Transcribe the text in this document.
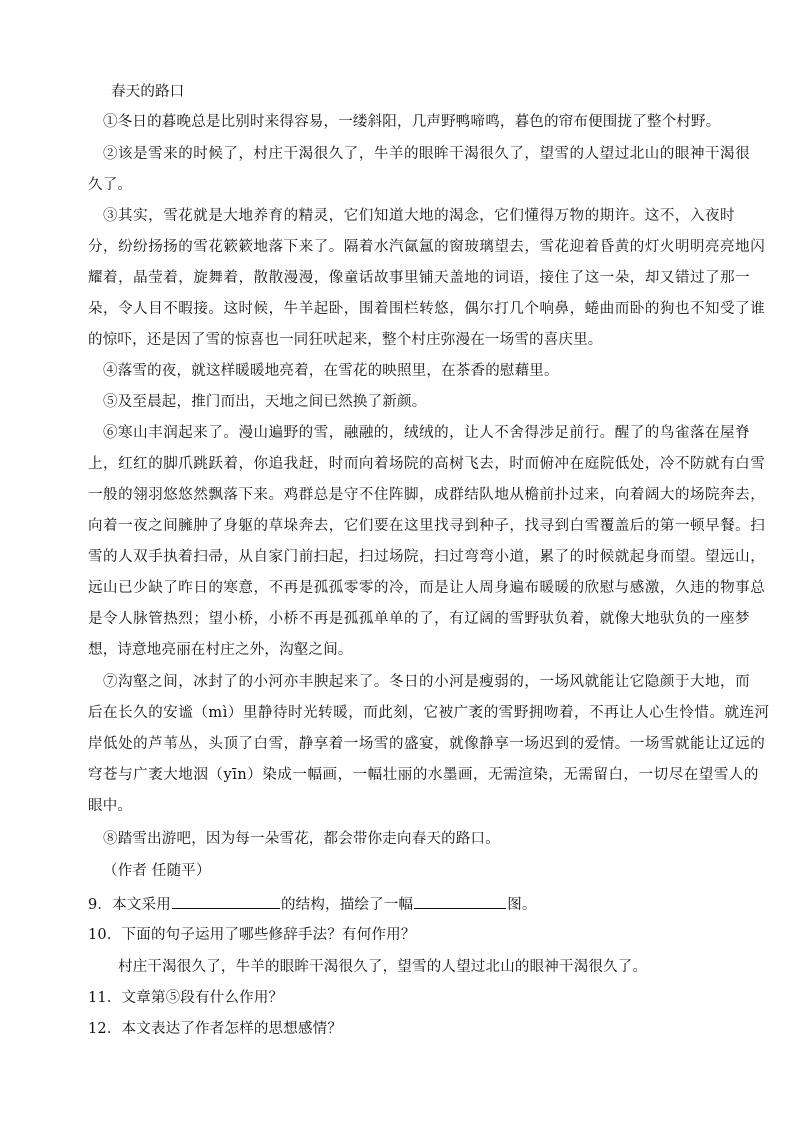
春天的路口
①冬日的暮晚总是比别时来得容易，一缕斜阳，几声野鸭啼鸣，暮色的帘布便围拢了整个村野。
②该是雪来的时候了，村庄干渴很久了，牛羊的眼眸干渴很久了，望雪的人望过北山的眼神干渴很
久了。
③其实，雪花就是大地养育的精灵，它们知道大地的渴念，它们懂得万物的期许。这不，入夜时
分，纷纷扬扬的雪花簌簌地落下来了。隔着水汽氤氲的窗玻璃望去，雪花迎着昏黄的灯火明明亮亮地闪
耀着，晶莹着，旋舞着，散散漫漫，像童话故事里铺天盖地的词语，接住了这一朵，却又错过了那一
朵，令人目不暇接。这时候，牛羊起卧，围着围栏转悠，偶尔打几个响鼻，蜷曲而卧的狗也不知受了谁
的惊吓，还是因了雪的惊喜也一同狂吠起来，整个村庄弥漫在一场雪的喜庆里。
④落雪的夜，就这样暖暖地亮着，在雪花的映照里，在茶香的慰藉里。
⑤及至晨起，推门而出，天地之间已然换了新颜。
⑥寒山丰润起来了。漫山遍野的雪，融融的，绒绒的，让人不舍得涉足前行。醒了的鸟雀落在屋脊
上，红红的脚爪跳跃着，你追我赶，时而向着场院的高树飞去，时而俯冲在庭院低处，冷不防就有白雪
一般的翎羽悠悠然飘落下来。鸡群总是守不住阵脚，成群结队地从檐前扑过来，向着阔大的场院奔去，
向着一夜之间臃肿了身躯的草垛奔去，它们要在这里找寻到种子，找寻到白雪覆盖后的第一顿早餐。扫
雪的人双手执着扫帚，从自家门前扫起，扫过场院，扫过弯弯小道，累了的时候就起身而望。望远山，
远山已少缺了昨日的寒意，不再是孤孤零零的冷，而是让人周身遍布暖暖的欣慰与感激，久违的物事总
是令人脉管热烈；望小桥，小桥不再是孤孤单单的了，有辽阔的雪野驮负着，就像大地驮负的一座梦
想，诗意地亮丽在村庄之外，沟壑之间。
⑦沟壑之间，冰封了的小河亦丰腴起来了。冬日的小河是瘦弱的，一场风就能让它隐颜于大地，而
后在长久的安谧（mì）里静待时光转暖，而此刻，它被广袤的雪野拥吻着，不再让人心生怜惜。就连河
岸低处的芦苇丛，头顶了白雪，静享着一场雪的盛宴，就像静享一场迟到的爱情。一场雪就能让辽远的
穹苍与广袤大地洇（yīn）染成一幅画，一幅壮丽的水墨画，无需渲染，无需留白，一切尽在望雪人的
眼中。
⑧踏雪出游吧，因为每一朵雪花，都会带你走向春天的路口。
（作者 任随平）
9．本文采用	的结构，描绘了一幅	图。
10．下面的句子运用了哪些修辞手法？有何作用？
村庄干渴很久了，牛羊的眼眸干渴很久了，望雪的人望过北山的眼神干渴很久了。
11．文章第⑤段有什么作用？
12．本文表达了作者怎样的思想感情？
